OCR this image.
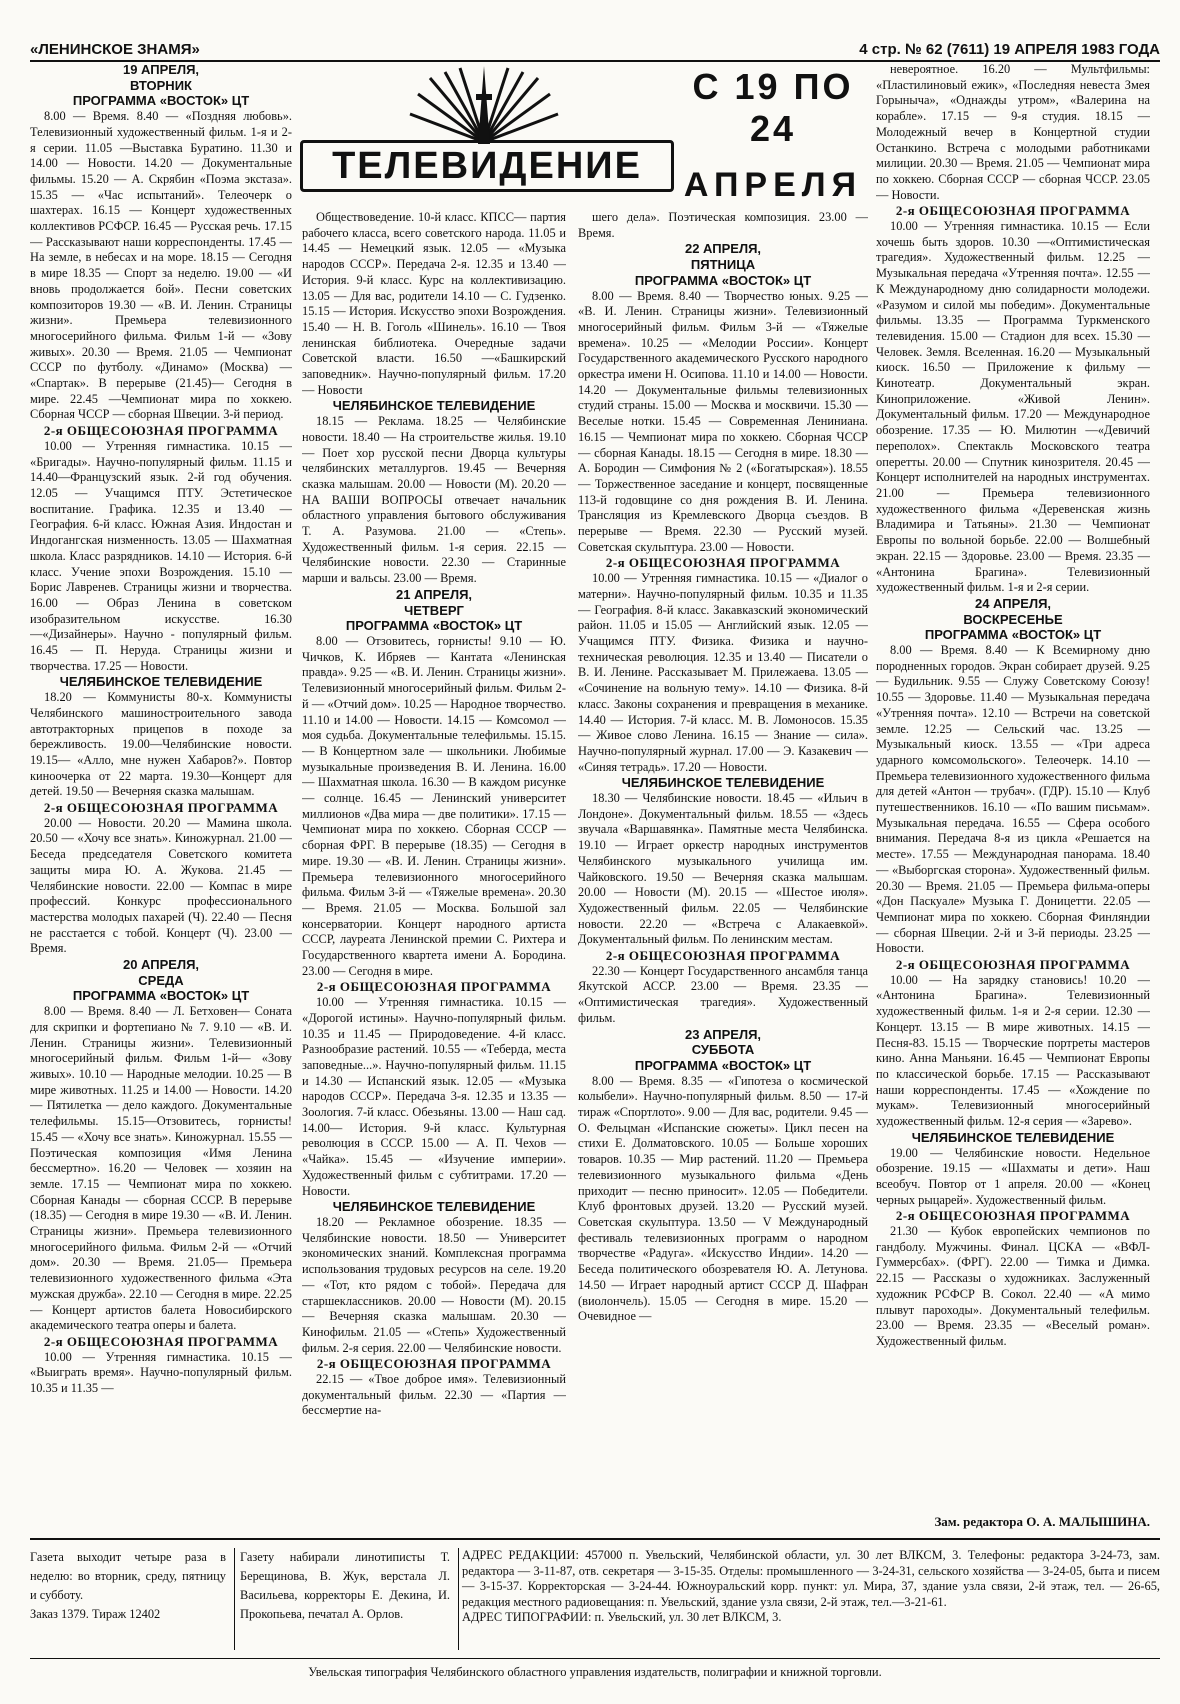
«ЛЕНИНСКОЕ ЗНАМЯ»	4 стр. № 62 (7611) 19 АПРЕЛЯ 1983 ГОДА
ТЕЛЕВИДЕНИЕ
С 19 ПО 24
АПРЕЛЯ

19 АПРЕЛЯ,

ВТОРНИК

ПРОГРАММА «ВОСТОК» ЦТ

8.00 — Время. 8.40 — «Поздняя любовь». Телевизионный художественный фильм. 1-я и 2-я серии. 11.05 —Выставка Буратино. 11.30 и 14.00 — Новости. 14.20 — Документальные фильмы. 15.20 — А. Скрябин «Поэма экстаза». 15.35 — «Час испытаний». Телеочерк о шахтерах. 16.15 — Концерт художественных коллективов РСФСР. 16.45 — Русская речь. 17.15 — Рассказывают наши корреспонденты. 17.45 —На земле, в небесах и на море. 18.15 — Сегодня в мире 18.35 — Спорт за неделю. 19.00 — «И вновь продолжается бой». Песни советских композиторов 19.30 — «В. И. Ленин. Страницы жизни». Премьера телевизионного многосерийного фильма. Фильм 1-й — «Зову живых». 20.30 — Время. 21.05 — Чемпионат СССР по футболу. «Динамо» (Москва) — «Спартак». В перерыве (21.45)— Сегодня в мире. 22.45 —Чемпионат мира по хоккею. Сборная ЧССР — сборная Швеции. 3-й период.

2-я ОБЩЕСОЮЗНАЯ ПРОГРАММА

10.00 — Утренняя гимнастика. 10.15 — «Бригады». Научно-популярный фильм. 11.15 и 14.40—Французский язык. 2-й год обучения. 12.05 — Учащимся ПТУ. Эстетическое воспитание. Графика. 12.35 и 13.40 — География. 6-й класс. Южная Азия. Индостан и Индогангская низменность. 13.05 — Шахматная школа. Класс разрядников. 14.10 — История. 6-й класс. Учение эпохи Возрождения. 15.10 — Борис Лавренев. Страницы жизни и творчества. 16.00 — Образ Ленина в советском изобразительном искусстве. 16.30—«Дизайнеры». Научно - популярный фильм. 16.45 — П. Неруда. Страницы жизни и творчества. 17.25 — Новости.

ЧЕЛЯБИНСКОЕ ТЕЛЕВИДЕНИЕ

18.20 — Коммунисты 80-х. Коммунисты Челябинского машиностроительного завода автотракторных прицепов в походе за бережливость. 19.00—Челябинские новости. 19.15— «Алло, мне нужен Хабаров?». Повтор киноочерка от 22 марта. 19.30—Концерт для детей. 19.50 — Вечерняя сказка малышам.

2-я ОБЩЕСОЮЗНАЯ ПРОГРАММА

20.00 — Новости. 20.20 — Мамина школа. 20.50 — «Хочу все знать». Киножурнал. 21.00 — Беседа председателя Советского комитета защиты мира Ю. А. Жукова. 21.45 — Челябинские новости. 22.00 — Компас в мире профессий. Конкурс профессионального мастерства молодых пахарей (Ч). 22.40 — Песня не расстается с тобой. Концерт (Ч). 23.00 — Время.

20 АПРЕЛЯ,

СРЕДА

ПРОГРАММА «ВОСТОК» ЦТ

8.00 — Время. 8.40 — Л. Бетховен— Соната для скрипки и фортепиано № 7. 9.10 — «В. И. Ленин. Страницы жизни». Телевизионный многосерийный фильм. Фильм 1-й— «Зову живых». 10.10 — Народные мелодии. 10.25 — В мире животных. 11.25 и 14.00 — Новости. 14.20 — Пятилетка — дело каждого. Документальные телефильмы. 15.15—Отзовитесь, горнисты! 15.45 — «Хочу все знать». Киножурнал. 15.55 — Поэтическая композиция «Имя Ленина бессмертно». 16.20 — Человек — хозяин на земле. 17.15 — Чемпионат мира по хоккею. Сборная Канады — сборная СССР. В перерыве (18.35) — Сегодня в мире 19.30 — «В. И. Ленин. Страницы жизни». Премьера телевизионного многосерийного фильма. Фильм 2-й — «Отчий дом». 20.30 — Время. 21.05— Премьера телевизионного художественного фильма «Эта мужская дружба». 22.10 — Сегодня в мире. 22.25 — Концерт артистов балета Новосибирского академического театра оперы и балета.

2-я ОБЩЕСОЮЗНАЯ ПРОГРАММА

10.00 — Утренняя гимнастика. 10.15 — «Выиграть время». Научно-популярный фильм. 10.35 и 11.35 —

Обществоведение. 10-й класс. КПСС— партия рабочего класса, всего советского народа. 11.05 и 14.45 — Немецкий язык. 12.05 — «Музыка народов СССР». Передача 2-я. 12.35 и 13.40 — История. 9-й класс. Курс на коллективизацию. 13.05 — Для вас, родители 14.10 — С. Гудзенко. 15.15 — История. Искусство эпохи Возрождения. 15.40 — Н. В. Гоголь «Шинель». 16.10 — Твоя ленинская библиотека. Очередные задачи Советской власти. 16.50 —«Башкирский заповедник». Научно-популярный фильм. 17.20 — Новости

ЧЕЛЯБИНСКОЕ ТЕЛЕВИДЕНИЕ

18.15 — Реклама. 18.25 — Челябинские новости. 18.40 — На строительстве жилья. 19.10 — Поет хор русской песни Дворца культуры челябинских металлургов. 19.45 — Вечерняя сказка малышам. 20.00 — Новости (М). 20.20 — НА ВАШИ ВОПРОСЫ отвечает начальник областного управления бытового обслуживания Т. А. Разумова. 21.00 — «Степь». Художественный фильм. 1-я серия. 22.15 — Челябинские новости. 22.30 — Старинные марши и вальсы. 23.00 — Время.

21 АПРЕЛЯ,

ЧЕТВЕРГ

ПРОГРАММА «ВОСТОК» ЦТ

8.00 — Отзовитесь, горнисты! 9.10 — Ю. Чичков, К. Ибряев — Кантата «Ленинская правда». 9.25 — «В. И. Ленин. Страницы жизни». Телевизионный многосерийный фильм. Фильм 2-й — «Отчий дом». 10.25 — Народное творчество. 11.10 и 14.00 — Новости. 14.15 — Комсомол — моя судьба. Документальные телефильмы. 15.15. — В Концертном зале — школьники. Любимые музыкальные произведения В. И. Ленина. 16.00 — Шахматная школа. 16.30 — В каждом рисунке — солнце. 16.45 — Ленинский университет миллионов «Два мира — две политики». 17.15 — Чемпионат мира по хоккею. Сборная СССР — сборная ФРГ. В перерыве (18.35) — Сегодня в мире. 19.30 — «В. И. Ленин. Страницы жизни». Премьера телевизионного многосерийного фильма. Фильм 3-й — «Тяжелые времена». 20.30 — Время. 21.05 — Москва. Большой зал консерватории. Концерт народного артиста СССР, лауреата Ленинской премии С. Рихтера и Государственного квартета имени А. Бородина. 23.00 — Сегодня в мире.

2-я ОБЩЕСОЮЗНАЯ ПРОГРАММА

10.00 — Утренняя гимнастика. 10.15 — «Дорогой истины». Научно-популярный фильм. 10.35 и 11.45 — Природоведение. 4-й класс. Разнообразие растений. 10.55 — «Теберда, места заповедные...». Научно-популярный фильм. 11.15 и 14.30 — Испанский язык. 12.05 — «Музыка народов СССР». Передача 3-я. 12.35 и 13.35 — Зоология. 7-й класс. Обезьяны. 13.00 — Наш сад. 14.00— История. 9-й класс. Культурная революция в СССР. 15.00 — А. П. Чехов — «Чайка». 15.45 — «Изучение империи». Художественный фильм с субтитрами. 17.20 — Новости.

ЧЕЛЯБИНСКОЕ ТЕЛЕВИДЕНИЕ

18.20 — Рекламное обозрение. 18.35 — Челябинские новости. 18.50 — Университет экономических знаний. Комплексная программа использования трудовых ресурсов на селе. 19.20 — «Тот, кто рядом с тобой». Передача для старшеклассников. 20.00 — Новости (М). 20.15 — Вечерняя сказка малышам. 20.30 — Кинофильм. 21.05 — «Степь» Художественный фильм. 2-я серия. 22.00 — Челябинские новости.

2-я ОБЩЕСОЮЗНАЯ ПРОГРАММА

22.15 — «Твое доброе имя». Телевизионный документальный фильм. 22.30 — «Партия — бессмертие на-

шего дела». Поэтическая композиция. 23.00 — Время.

22 АПРЕЛЯ,

ПЯТНИЦА

ПРОГРАММА «ВОСТОК» ЦТ

8.00 — Время. 8.40 — Творчество юных. 9.25 — «В. И. Ленин. Страницы жизни». Телевизионный многосерийный фильм. Фильм 3-й — «Тяжелые времена». 10.25 — «Мелодии России». Концерт Государственного академического Русского народного оркестра имени Н. Осипова. 11.10 и 14.00 — Новости. 14.20 — Документальные фильмы телевизионных студий страны. 15.00 — Москва и москвичи. 15.30 — Веселые нотки. 15.45 — Современная Лениниана. 16.15 — Чемпионат мира по хоккею. Сборная ЧССР — сборная Канады. 18.15 — Сегодня в мире. 18.30 — А. Бородин — Симфония № 2 («Богатырская»). 18.55 — Торжественное заседание и концерт, посвященные 113-й годовщине со дня рождения В. И. Ленина. Трансляция из Кремлевского Дворца съездов. В перерыве — Время. 22.30 — Русский музей. Советская скульптура. 23.00 — Новости.

2-я ОБЩЕСОЮЗНАЯ ПРОГРАММА

10.00 — Утренняя гимнастика. 10.15 — «Диалог о матерни». Научно-популярный фильм. 10.35 и 11.35 — География. 8-й класс. Закавказский экономический район. 11.05 и 15.05 — Английский язык. 12.05 — Учащимся ПТУ. Физика. Физика и научно-техническая революция. 12.35 и 13.40 — Писатели о В. И. Ленине. Рассказывает М. Прилежаева. 13.05 — «Сочинение на вольную тему». 14.10 — Физика. 8-й класс. Законы сохранения и превращения в механике. 14.40 — История. 7-й класс. М. В. Ломоносов. 15.35 — Живое слово Ленина. 16.15 — Знание — сила». Научно-популярный журнал. 17.00 — Э. Казакевич — «Синяя тетрадь». 17.20 — Новости.

ЧЕЛЯБИНСКОЕ ТЕЛЕВИДЕНИЕ

18.30 — Челябинские новости. 18.45 — «Ильич в Лондоне». Документальный фильм. 18.55 — «Здесь звучала «Варшавянка». Памятные места Челябинска. 19.10 — Играет оркестр народных инструментов Челябинского музыкального училища им. Чайковского. 19.50 — Вечерняя сказка малышам. 20.00 — Новости (М). 20.15 — «Шестое июля». Художественный фильм. 22.05 — Челябинские новости. 22.20 — «Встреча с Алакаевкой». Документальный фильм. По ленинским местам.

2-я ОБЩЕСОЮЗНАЯ ПРОГРАММА

22.30 — Концерт Государственного ансамбля танца Якутской АССР. 23.00 — Время. 23.35 — «Оптимистическая трагедия». Художественный фильм.

23 АПРЕЛЯ,

СУББОТА

ПРОГРАММА «ВОСТОК» ЦТ

8.00 — Время. 8.35 — «Гипотеза о космической колыбели». Научно-популярный фильм. 8.50 — 17-й тираж «Спортлото». 9.00 — Для вас, родители. 9.45 — О. Фельцман «Испанские сюжеты». Цикл песен на стихи Е. Долматовского. 10.05 — Больше хороших товаров. 10.35 — Мир растений. 11.20 — Премьера телевизионного музыкального фильма «День приходит — песню приносит». 12.05 — Победители. Клуб фронтовых друзей. 13.20 — Русский музей. Советская скульптура. 13.50 — V Международный фестиваль телевизионных программ о народном творчестве «Радуга». «Искусство Индии». 14.20 — Беседа политического обозревателя Ю. А. Летунова. 14.50 — Играет народный артист СССР Д. Шафран (виолончель). 15.05 — Сегодня в мире. 15.20 — Очевидное —

невероятное. 16.20 — Мультфильмы: «Пластилиновый ежик», «Последняя невеста Змея Горыныча», «Однажды утром», «Валерина на корабле». 17.15 — 9-я студия. 18.15 — Молодежный вечер в Концертной студии Останкино. Встреча с молодыми работниками милиции. 20.30 — Время. 21.05 — Чемпионат мира по хоккею. Сборная СССР — сборная ЧССР. 23.05 — Новости.

2-я ОБЩЕСОЮЗНАЯ ПРОГРАММА

10.00 — Утренняя гимнастика. 10.15 — Если хочешь быть здоров. 10.30 —«Оптимистическая трагедия». Художественный фильм. 12.25 — Музыкальная передача «Утренняя почта». 12.55 — К Международному дню солидарности молодежи. «Разумом и силой мы победим». Документальные фильмы. 13.35 — Программа Туркменского телевидения. 15.00 — Стадион для всех. 15.30 — Человек. Земля. Вселенная. 16.20 — Музыкальный киоск. 16.50 — Приложение к фильму — Кинотеатр. Документальный экран. Киноприложение. «Живой Ленин». Документальный фильм. 17.20 — Международное обозрение. 17.35 — Ю. Милютин —«Девичий переполох». Спектакль Московского театра оперетты. 20.00 — Спутник кинозрителя. 20.45 — Концерт исполнителей на народных инструментах. 21.00 — Премьера телевизионного художественного фильма «Деревенская жизнь Владимира и Татьяны». 21.30 — Чемпионат Европы по вольной борьбе. 22.00 — Волшебный экран. 22.15 — Здоровье. 23.00 — Время. 23.35 — «Антонина Брагина». Телевизионный художественный фильм. 1-я и 2-я серии.

24 АПРЕЛЯ,

ВОСКРЕСЕНЬЕ

ПРОГРАММА «ВОСТОК» ЦТ

8.00 — Время. 8.40 — К Всемирному дню породненных городов. Экран собирает друзей. 9.25 — Будильник. 9.55 — Служу Советскому Союзу! 10.55 — Здоровье. 11.40 — Музыкальная передача «Утренняя почта». 12.10 — Встречи на советской земле. 12.25 — Сельский час. 13.25 — Музыкальный киоск. 13.55 — «Три адреса ударного комсомольского». Телеочерк. 14.10 — Премьера телевизионного художественного фильма для детей «Антон — трубач». (ГДР). 15.10 — Клуб путешественников. 16.10 — «По вашим письмам». Музыкальная передача. 16.55 — Сфера особого внимания. Передача 8-я из цикла «Решается на месте». 17.55 — Международная панорама. 18.40 — «Выборгская сторона». Художественный фильм. 20.30 — Время. 21.05 — Премьера фильма-оперы «Дон Паскуале» Музыка Г. Доницетти. 22.05 — Чемпионат мира по хоккею. Сборная Финляндии — сборная Швеции. 2-й и 3-й периоды. 23.25 — Новости.

2-я ОБЩЕСОЮЗНАЯ ПРОГРАММА

10.00 — На зарядку становись! 10.20 — «Антонина Брагина». Телевизионный художественный фильм. 1-я и 2-я серии. 12.30 — Концерт. 13.15 — В мире животных. 14.15 — Песня-83. 15.15 — Творческие портреты мастеров кино. Анна Маньяни. 16.45 — Чемпионат Европы по классической борьбе. 17.15 — Рассказывают наши корреспонденты. 17.45 — «Хождение по мукам». Телевизионный многосерийный художественный фильм. 12-я серия — «Зарево».

ЧЕЛЯБИНСКОЕ ТЕЛЕВИДЕНИЕ

19.00 — Челябинские новости. Недельное обозрение. 19.15 — «Шахматы и дети». Наш всеобуч. Повтор от 1 апреля. 20.00 — «Конец черных рыцарей». Художественный фильм.

2-я ОБЩЕСОЮЗНАЯ ПРОГРАММА

21.30 — Кубок европейских чемпионов по гандболу. Мужчины. Финал. ЦСКА — «ВФЛ-Гуммерсбах». (ФРГ). 22.00 — Тимка и Димка. 22.15 — Рассказы о художниках. Заслуженный художник РСФСР В. Сокол. 22.40 — «А мимо плывут пароходы». Документальный телефильм. 23.00 — Время. 23.35 — «Веселый роман». Художественный фильм.

Зам. редактора О. А. МАЛЫШИНА.

Газета выходит четыре раза в неделю: во вторник, среду, пятницу и субботу.

Заказ 1379. Тираж 12402

Газету набирали линотиписты Т. Берещинова, В. Жук, верстала Л. Васильева, корректоры Е. Декина, И. Прокопьева, печатал А. Орлов.

АДРЕС РЕДАКЦИИ: 457000 п. Увельский, Челябинской области, ул. 30 лет ВЛКСМ, 3. Телефоны: редактора 3-24-73, зам. редактора — 3-11-87, отв. секретаря — 3-15-35. Отделы: промышленного — 3-24-31, сельского хозяйства — 3-24-05, быта и писем — 3-15-37. Корректорская — 3-24-44. Южноуральский корр. пункт: ул. Мира, 37, здание узла связи, 2-й этаж, тел. — 26-65, редакция местного радиовещания: п. Увельский, здание узла связи, 2-й этаж, тел.—3-21-61.

АДРЕС ТИПОГРАФИИ: п. Увельский, ул. 30 лет ВЛКСМ, 3.

Увельская типография Челябинского областного управления издательств, полиграфии и книжной торговли.
